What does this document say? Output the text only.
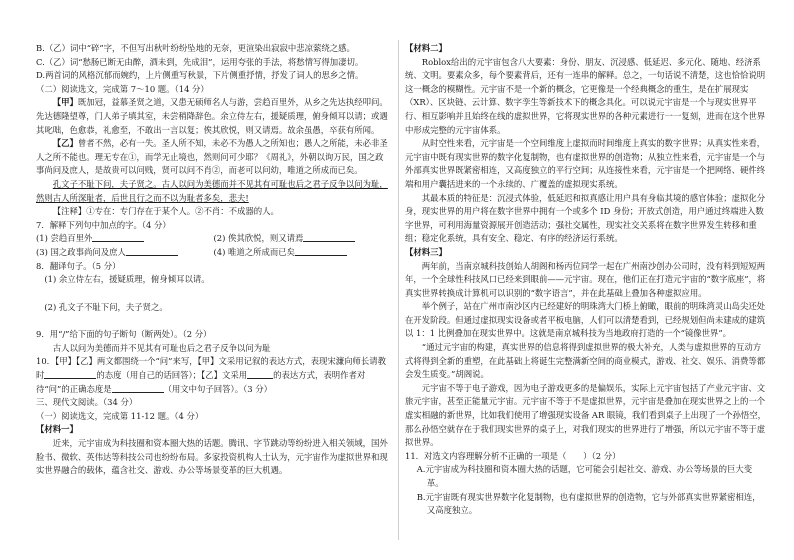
B.（乙）词中“碎”字，不但写出秋叶纷纷坠地的无奈，更渲染出寂寂中悲凉萦绕之感。

C.（乙）词“愁肠已断无由醉，酒未到，先成泪”，运用夸张的手法，将愁情写得加凄切。

D.两首词的风格沉郁而婉约，上片侧重写秋景，下片侧重抒情，抒发了词人的思乡之情。

（二）阅读选文，完成第 7～10 题。（14 分）

【甲】既加冠，益慕圣贤之道，又患无硕师名人与游，尝趋百里外，从乡之先达执经叩问。先达德隆望尊，门人弟子填其室，未尝稍降辞色。余立侍左右，援疑质理，俯身倾耳以请；或遇其叱咄，色愈恭，礼愈至，不敢出一言以复；俟其欣悦，则又请焉。故余虽愚，卒获有所闻。

【乙】曾者不然，必有一失。圣人所不知，未必不为愚人之所知也；愚人之所能，未必非圣人之所不能也。理无专在①，而学无止境也，然则问可少耶？《周礼》，外朝以询万民，国之政事尚问及庶人，是故贵可以问贱，贤可以问不肖②，而老可以问幼，唯道之所成而已矣。

孔文子不耻下问，夫子贤之。古人以问为美德而并不见其有可耻也后之君子反争以问为耻，然则古人所深耻者，后世且行之而不以为耻者多矣，悲夫!

【注释】①专在：专门存在于某个人。②不肖：不成器的人。

7．解释下列句中加点的字。（4 分）

(1) 尝趋百里外	(2) 俟其欣悦，则又请焉
(3) 国之政事尚问及庶人	(4) 唯道之所成而已矣

8．翻译句子。（5 分）

(1) 余立侍左右，援疑质理，俯身倾耳以请。

(2) 孔文子不耻下问，夫子贤之。

9．用“/”给下面的句子断句（断两处）。（2 分）

古人以问为美德而并不见其有可耻也后之君子反争以问为耻

10．【甲】【乙】两文都围绕一个“问”来写，【甲】文采用记叙的表达方式，表现宋濂向师长请教时	的态度（用自己的话回答）；【乙】文采用	的表达方式，表明作者对待“问”的正确态度是	（用文中句子回答）。（3 分）

三、现代文阅读。（34 分）

（一）阅读选文，完成第 11-12 题。（4 分）

【材料一】

近来，元宇宙成为科技圈和资本圈大热的话题。腾讯、字节跳动等纷纷进入相关领域，国外脸书、微软、英伟达等科技公司也纷纷布局。多家投资机构人士认为，元宇宙作为虚拟世界和现实世界融合的载体，蕴含社交、游戏、办公等场景变革的巨大机遇。

【材料二】

Roblox给出的元宇宙包含八大要素：身份、朋友、沉浸感、低延迟、多元化、随地、经济系统、文明。要素众多，每个要素背后，还有一连串的解释。总之，一句话说不清楚，这也恰恰说明这一概念的模糊性。元宇宙不是一个新的概念，它更像是一个经典概念的重生，是在扩展现实（XR）、区块链、云计算、数字孪生等新技术下的概念具化。可以说元宇宙是一个与现实世界平行、相互影响并且始终在线的虚拟世界，它将现实世界的各种元素进行一一复刻，进而在这个世界中形成完整的元宇宙体系。

从时空性来看，元宇宙是一个空间维度上虚拟而时间维度上真实的数字世界；从真实性来看，元宇宙中既有现实世界的数字化复制物，也有虚拟世界的创造物；从独立性来看，元宇宙是一个与外部真实世界既紧密相连，又高度独立的平行空间；从连接性来看，元宇宙是一个把网络、硬件终端和用户囊括进来的一个永续的、广覆盖的虚拟现实系统。

其最本质的特征是：沉浸式体验，低延迟和拟真感让用户具有身临其境的感官体验；虚拟化分身，现实世界的用户将在数字世界中拥有一个或多个 ID 身份；开放式创造，用户通过终端进入数字世界，可利用海量资源展开创造活动；强社交属性，现实社交关系将在数字世界发生转移和重组；稳定化系统，具有安全、稳定、有序的经济运行系统。

【材料三】

两年前，当南京城科技创始人胡阁和杨丙位同学一起在广州南沙创办公司时，没有料到短短两年，一个全球性科技风口已经来到眼前——元宇宙。现在，他们正在打造元宇宙的“数字底座”，将真实世界转换成计算机可以识别的“数字语言”，并在此基础上叠加各种虚拟应用。

举个例子，站在广州市南沙区内已经建好的明珠湾大门桥上俯瞰，眼前的明珠湾灵山岛尖还处在开发阶段。但通过虚拟现实设备或者平板电脑，人们可以清楚看到，已经规划但尚未建成的建筑以 1：1 比例叠加在现实世界中。这就是南京城科技为当地政府打造的一个“镜像世界”。

“通过元宇宙的构建，真实世界的信息将得到虚拟世界的极大补充，人类与虚拟世界的互动方式将得到全新的重塑，在此基础上将诞生完整满新空间的商业模式，游戏、社交、娱乐、消费等都会发生质变。”胡阁说。

元宇宙不等于电子游戏，因为电子游戏更多的是偏娱乐，实际上元宇宙包括了产业元宇宙、文旅元宇宙，甚至正能量元宇宙。元宇宙不等于不是虚拟世界，元宇宙是叠加在现实世界之上的一个虚实相融的新世界，比如我们使用了增强现实设备 AR 眼镜，我们看到桌子上出现了一个孙悟空，那么孙悟空就存在于我们现实世界的桌子上，对我们现实的世界进行了增强，所以元宇宙不等于虚拟世界。

11．对选文内容理解分析不正确的一项是（　　）（2 分）

A.元宇宙成为科技圈和资本圈大热的话题，它可能会引起社交、游戏、办公等场景的巨大变革。

B.元宇宙既有现实世界数字化复制物，也有虚拟世界的创造物，它与外部真实世界紧密相连，又高度独立。
